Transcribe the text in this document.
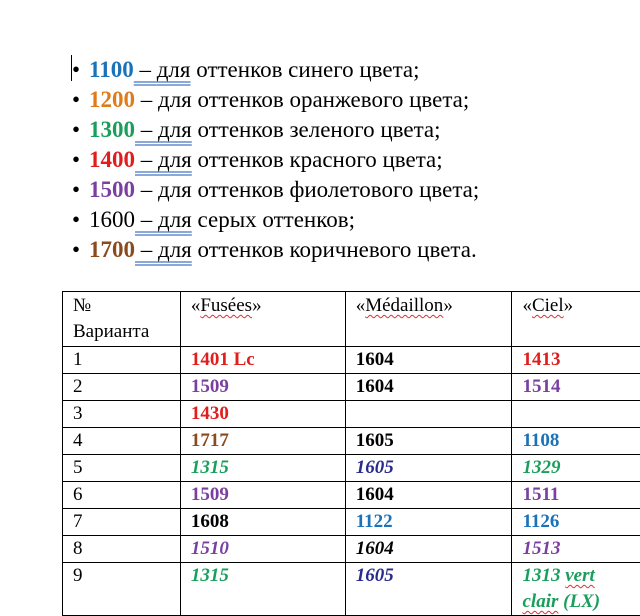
• 1100 – для оттенков синего цвета;
• 1200 – для оттенков оранжевого цвета;
• 1300 – для оттенков зеленого цвета;
• 1400 – для оттенков красного цвета;
• 1500 – для оттенков фиолетового цвета;
• 1600 – для серых оттенков;
• 1700 – для оттенков коричневого цвета.
№
Варианта	«Fusées»	«Médaillon»	«Ciel»
1	1401 Lc	1604	1413
2	1509	1604	1514
3	1430		
4	1717	1605	1108
5	1315	1605	1329
6	1509	1604	1511
7	1608	1122	1126
8	1510	1604	1513
9	1315	1605	1313 vert
clair (LX)
